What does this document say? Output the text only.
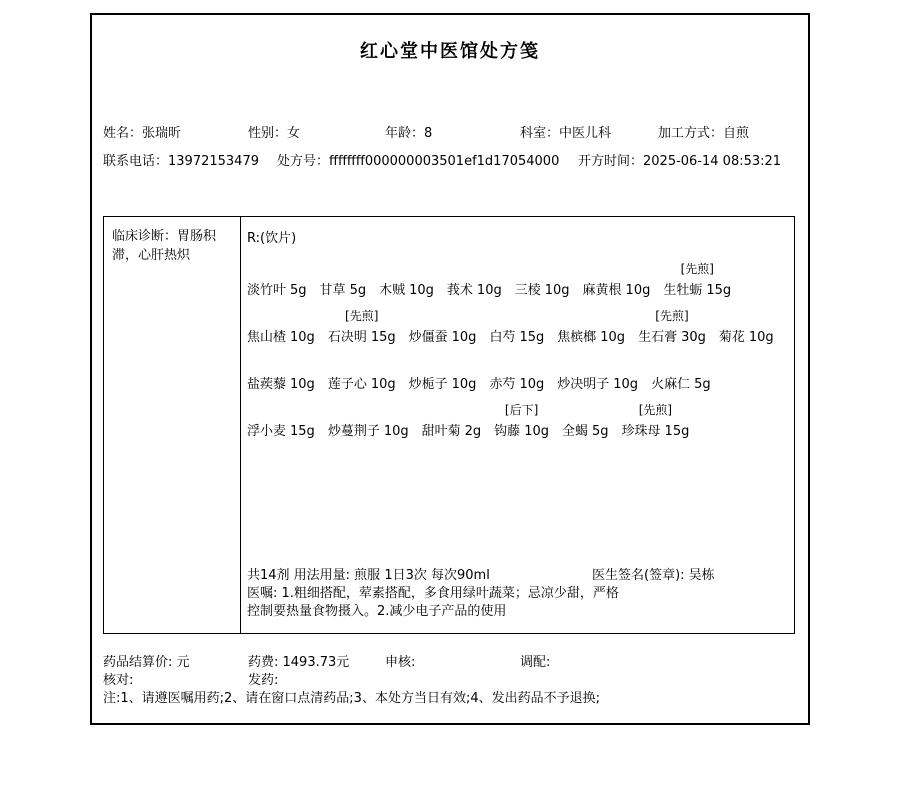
红心堂中医馆处方笺
姓名：张瑞昕	性别：女	年龄：8	科室：中医儿科	加工方式：自煎
联系电话：13972153479 处方号：ffffffff000000003501ef1d17054000 开方时间：2025-06-14 08:53:21
临床诊断：胃肠积滞，心肝热炽
R:(饮片)
淡竹叶 5g 甘草 5g 木贼 10g 莪术 10g 三棱 10g 麻黄根 10g
[先煎]
生牡蛎 15g
焦山楂 10g
[先煎]
石决明 15g 炒僵蚕 10g 白芍 15g 焦槟榔 10g
[先煎]
生石膏 30g 菊花 10g
盐蒺藜 10g 莲子心 10g 炒栀子 10g 赤芍 10g 炒决明子 10g 火麻仁 5g
浮小麦 15g 炒蔓荆子 10g 甜叶菊 2g
[后下]
钩藤 10g 全蝎 5g
[先煎]
珍珠母 15g
共14剂 用法用量: 煎服 1日3次 每次90ml	医生签名(签章): 吴栋
医嘱: 1.粗细搭配，荤素搭配，多食用绿叶蔬菜；忌凉少甜，严格
控制要热量食物摄入。2.减少电子产品的使用
药品结算价: 元	药费: 1493.73元	申核:	调配:
核对:	发药:
注:1、请遵医嘱用药;2、请在窗口点清药品;3、本处方当日有效;4、发出药品不予退换;
